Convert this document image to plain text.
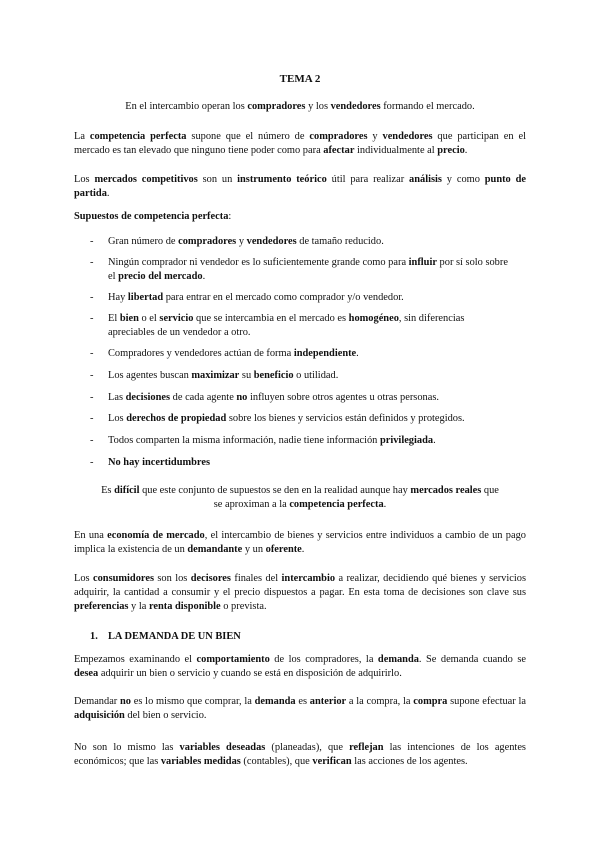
TEMA 2

En el intercambio operan los compradores y los vendedores formando el mercado.

La competencia perfecta supone que el número de compradores y vendedores que participan en el mercado es tan elevado que ninguno tiene poder como para afectar individualmente al precio.

Los mercados competitivos son un instrumento teórico útil para realizar análisis y como punto de partida.

Supuestos de competencia perfecta:

- Gran número de compradores y vendedores de tamaño reducido.
- Ningún comprador ni vendedor es lo suficientemente grande como para influir por sí solo sobre el precio del mercado.
- Hay libertad para entrar en el mercado como comprador y/o vendedor.
- El bien o el servicio que se intercambia en el mercado es homogéneo, sin diferencias apreciables de un vendedor a otro.
- Compradores y vendedores actúan de forma independiente.
- Los agentes buscan maximizar su beneficio o utilidad.
- Las decisiones de cada agente no influyen sobre otros agentes u otras personas.
- Los derechos de propiedad sobre los bienes y servicios están definidos y protegidos.
- Todos comparten la misma información, nadie tiene información privilegiada.
- No hay incertidumbres

Es difícil que este conjunto de supuestos se den en la realidad aunque hay mercados reales que se aproximan a la competencia perfecta.

En una economía de mercado, el intercambio de bienes y servicios entre individuos a cambio de un pago implica la existencia de un demandante y un oferente.

Los consumidores son los decisores finales del intercambio a realizar, decidiendo qué bienes y servicios adquirir, la cantidad a consumir y el precio dispuestos a pagar. En esta toma de decisiones son clave sus preferencias y la renta disponible o prevista.

1. LA DEMANDA DE UN BIEN

Empezamos examinando el comportamiento de los compradores, la demanda. Se demanda cuando se desea adquirir un bien o servicio y cuando se está en disposición de adquirirlo.

Demandar no es lo mismo que comprar, la demanda es anterior a la compra, la compra supone efectuar la adquisición del bien o servicio.

No son lo mismo las variables deseadas (planeadas), que reflejan las intenciones de los agentes económicos; que las variables medidas (contables), que verifican las acciones de los agentes.
